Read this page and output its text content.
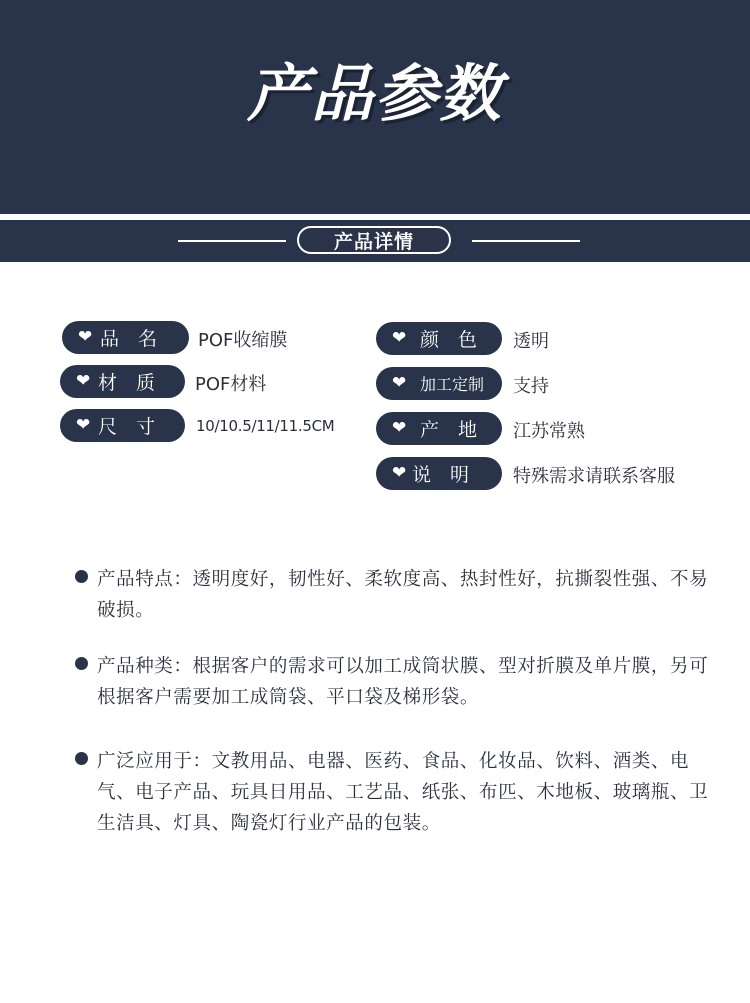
产品参数
产品详情
❤ 品　名 POF收缩膜
❤ 材　质 POF材料
❤ 尺　寸	10/10.5/11/11.5CM
❤ 颜　色 透明
❤ 加工定制 支持
❤ 产　地 江苏常熟
❤ 说　明 特殊需求请联系客服
产品特点：透明度好，韧性好、柔软度高、热封性好，抗撕裂性强、不易破损。
产品种类：根据客户的需求可以加工成筒状膜、型对折膜及单片膜，另可根据客户需要加工成筒袋、平口袋及梯形袋。
广泛应用于：文教用品、电器、医药、食品、化妆品、饮料、酒类、电气、电子产品、玩具日用品、工艺品、纸张、布匹、木地板、玻璃瓶、卫生洁具、灯具、陶瓷灯行业产品的包装。
